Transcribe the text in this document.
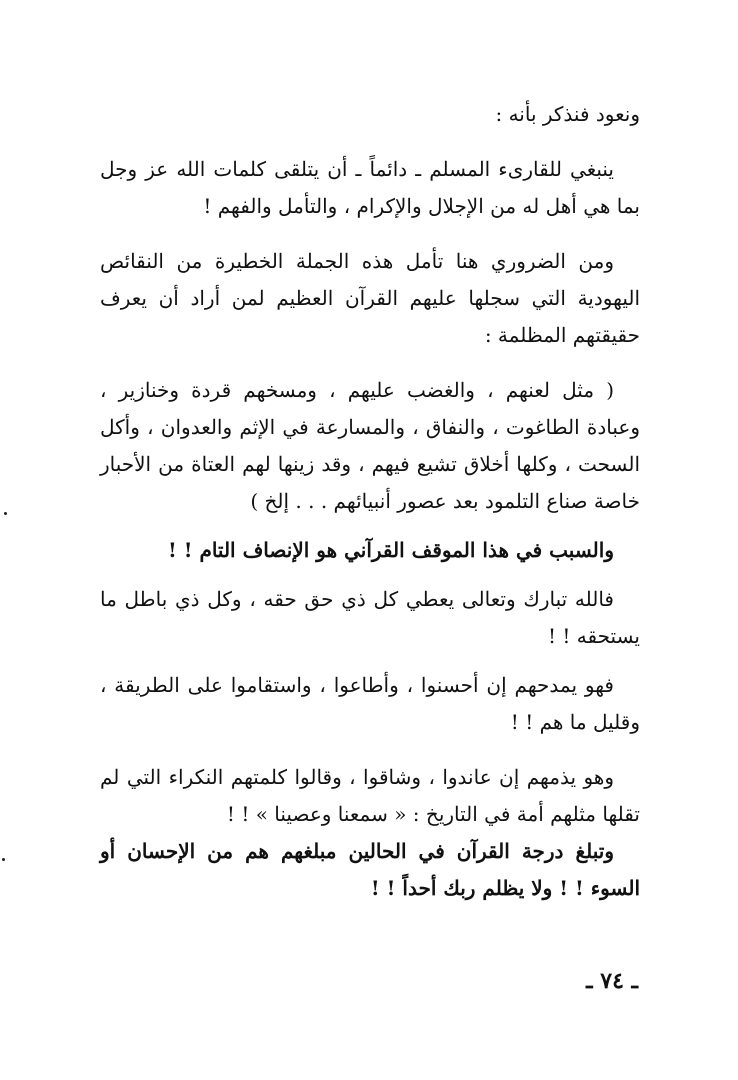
ونعود فنذكر بأنه :

ينبغي للقارىء المسلم ـ دائماً ـ أن يتلقى كلمات الله عز وجل بما هي أهل له من الإجلال والإكرام ، والتأمل والفهم !

ومن الضروري هنا تأمل هذه الجملة الخطيرة من النقائص اليهودية التي سجلها عليهم القرآن العظيم لمن أراد أن يعرف حقيقتهم المظلمة :

( مثل لعنهم ، والغضب عليهم ، ومسخهم قردة وخنازير ، وعبادة الطاغوت ، والنفاق ، والمسارعة في الإثم والعدوان ، وأكل السحت ، وكلها أخلاق تشيع فيهم ، وقد زينها لهم العتاة من الأحبار خاصة صناع التلمود بعد عصور أنبيائهم . . . إلخ )

والسبب في هذا الموقف القرآني هو الإنصاف التام ! !

فالله تبارك وتعالى يعطي كل ذي حق حقه ، وكل ذي باطل ما يستحقه ! !

فهو يمدحهم إن أحسنوا ، وأطاعوا ، واستقاموا على الطريقة ، وقليل ما هم ! !

وهو يذمهم إن عاندوا ، وشاقوا ، وقالوا كلمتهم النكراء التي لم تقلها مثلهم أمة في التاريخ : « سمعنا وعصينا » ! !

وتبلغ درجة القرآن في الحالين مبلغهم هم من الإحسان أو السوء ! ! ولا يظلم ربك أحداً ! !

ـ ٧٤ ـ
